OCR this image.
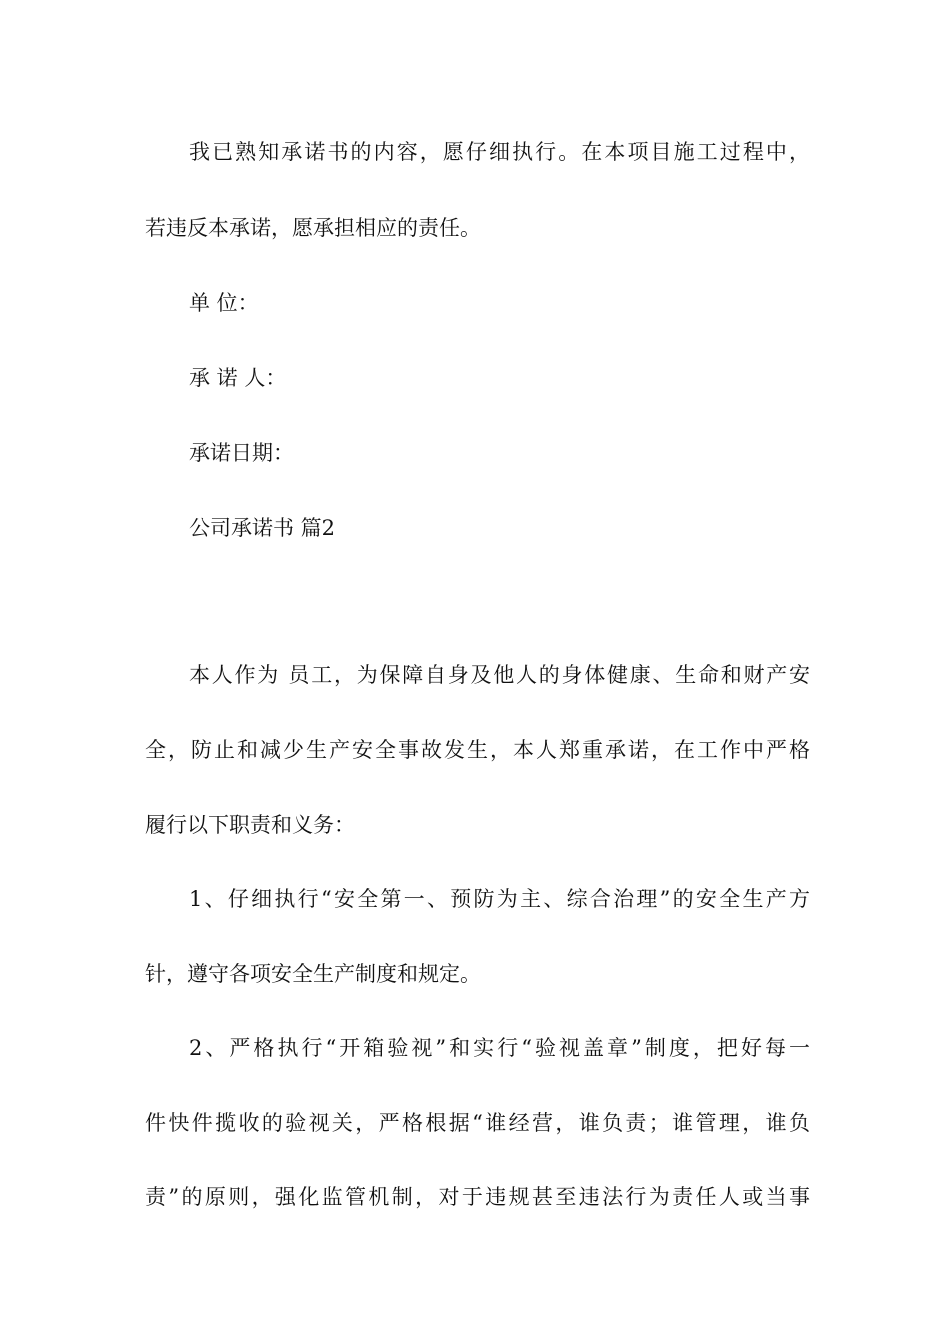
我已熟知承诺书的内容，愿仔细执行。在本项目施工过程中，
若违反本承诺，愿承担相应的责任。
单 位：
承 诺 人：
承诺日期：
公司承诺书 篇2
本人作为 员工，为保障自身及他人的身体健康、生命和财产安
全，防止和减少生产安全事故发生，本人郑重承诺，在工作中严格
履行以下职责和义务：
1、仔细执行“安全第一、预防为主、综合治理”的安全生产方
针，遵守各项安全生产制度和规定。
2、严格执行“开箱验视”和实行“验视盖章”制度，把好每一
件快件揽收的验视关，严格根据“谁经营，谁负责；谁管理，谁负
责”的原则，强化监管机制，对于违规甚至违法行为责任人或当事
